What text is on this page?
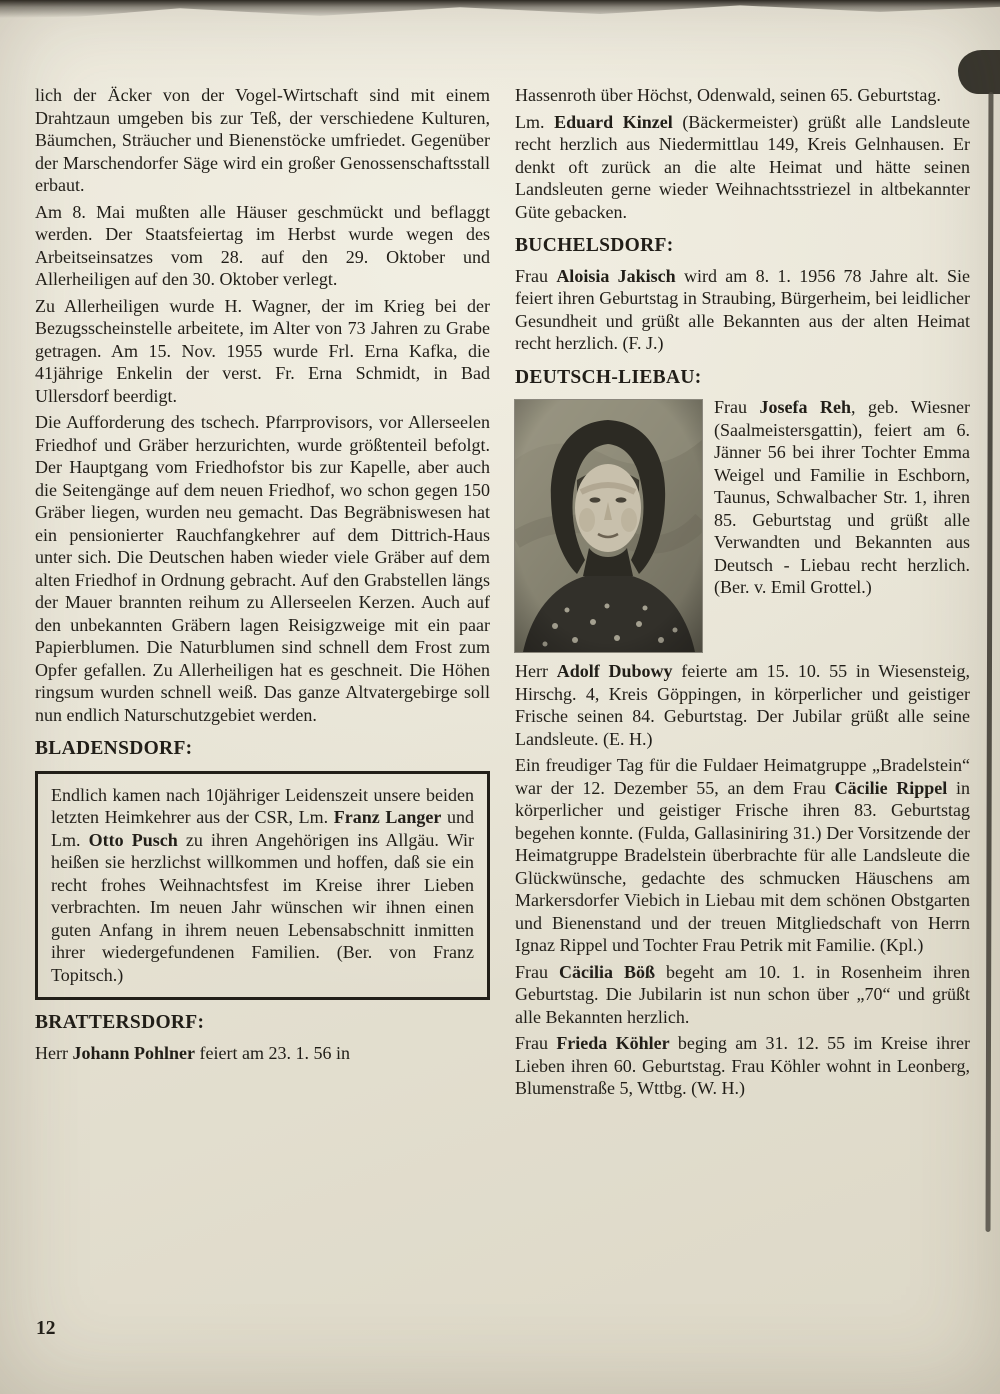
lich der Äcker von der Vogel-Wirtschaft sind mit einem Drahtzaun umgeben bis zur Teß, der verschiedene Kulturen, Bäumchen, Sträucher und Bienenstöcke umfriedet. Gegenüber der Marschendorfer Säge wird ein großer Genossenschaftsstall erbaut.

Am 8. Mai mußten alle Häuser geschmückt und beflaggt werden. Der Staatsfeiertag im Herbst wurde wegen des Arbeitseinsatzes vom 28. auf den 29. Oktober und Allerheiligen auf den 30. Oktober verlegt.

Zu Allerheiligen wurde H. Wagner, der im Krieg bei der Bezugsscheinstelle arbeitete, im Alter von 73 Jahren zu Grabe getragen. Am 15. Nov. 1955 wurde Frl. Erna Kafka, die 41jährige Enkelin der verst. Fr. Erna Schmidt, in Bad Ullersdorf beerdigt.

Die Aufforderung des tschech. Pfarrprovisors, vor Allerseelen Friedhof und Gräber herzurichten, wurde größtenteil befolgt. Der Hauptgang vom Friedhofstor bis zur Kapelle, aber auch die Seitengänge auf dem neuen Friedhof, wo schon gegen 150 Gräber liegen, wurden neu gemacht. Das Begräbniswesen hat ein pensionierter Rauchfangkehrer auf dem Dittrich-Haus unter sich. Die Deutschen haben wieder viele Gräber auf dem alten Friedhof in Ordnung gebracht. Auf den Grabstellen längs der Mauer brannten reihum zu Allerseelen Kerzen. Auch auf den unbekannten Gräbern lagen Reisigzweige mit ein paar Papierblumen. Die Naturblumen sind schnell dem Frost zum Opfer gefallen. Zu Allerheiligen hat es geschneit. Die Höhen ringsum wurden schnell weiß. Das ganze Altvatergebirge soll nun endlich Naturschutzgebiet werden.

BLADENSDORF:

Endlich kamen nach 10jähriger Leidenszeit unsere beiden letzten Heimkehrer aus der CSR, Lm. Franz Langer und Lm. Otto Pusch zu ihren Angehörigen ins Allgäu. Wir heißen sie herzlichst willkommen und hoffen, daß sie ein recht frohes Weihnachtsfest im Kreise ihrer Lieben verbrachten. Im neuen Jahr wünschen wir ihnen einen guten Anfang in ihrem neuen Lebensabschnitt inmitten ihrer wiedergefundenen Familien. (Ber. von Franz Topitsch.)

BRATTERSDORF:

Herr Johann Pohlner feiert am 23. 1. 56 in

Hassenroth über Höchst, Odenwald, seinen 65. Geburtstag.

Lm. Eduard Kinzel (Bäckermeister) grüßt alle Landsleute recht herzlich aus Niedermittlau 149, Kreis Gelnhausen. Er denkt oft zurück an die alte Heimat und hätte seinen Landsleuten gerne wieder Weihnachtsstriezel in altbekannter Güte gebacken.

BUCHELSDORF:

Frau Aloisia Jakisch wird am 8. 1. 1956 78 Jahre alt. Sie feiert ihren Geburtstag in Straubing, Bürgerheim, bei leidlicher Gesundheit und grüßt alle Bekannten aus der alten Heimat recht herzlich. (F. J.)

DEUTSCH-LIEBAU:

Frau Josefa Reh, geb. Wiesner (Saalmeistersgattin), feiert am 6. Jänner 56 bei ihrer Tochter Emma Weigel und Familie in Eschborn, Taunus, Schwalbacher Str. 1, ihren 85. Geburtstag und grüßt alle Verwandten und Bekannten aus Deutsch - Liebau recht herzlich. (Ber. v. Emil Grottel.)

Herr Adolf Dubowy feierte am 15. 10. 55 in Wiesensteig, Hirschg. 4, Kreis Göppingen, in körperlicher und geistiger Frische seinen 84. Geburtstag. Der Jubilar grüßt alle seine Landsleute. (E. H.)

Ein freudiger Tag für die Fuldaer Heimatgruppe „Bradelstein“ war der 12. Dezember 55, an dem Frau Cäcilie Rippel in körperlicher und geistiger Frische ihren 83. Geburtstag begehen konnte. (Fulda, Gallasiniring 31.) Der Vorsitzende der Heimatgruppe Bradelstein überbrachte für alle Landsleute die Glückwünsche, gedachte des schmucken Häuschens am Markersdorfer Viebich in Liebau mit dem schönen Obstgarten und Bienenstand und der treuen Mitgliedschaft von Herrn Ignaz Rippel und Tochter Frau Petrik mit Familie. (Kpl.)

Frau Cäcilia Böß begeht am 10. 1. in Rosenheim ihren Geburtstag. Die Jubilarin ist nun schon über „70“ und grüßt alle Bekannten herzlich.

Frau Frieda Köhler beging am 31. 12. 55 im Kreise ihrer Lieben ihren 60. Geburtstag. Frau Köhler wohnt in Leonberg, Blumenstraße 5, Wttbg. (W. H.)

12
